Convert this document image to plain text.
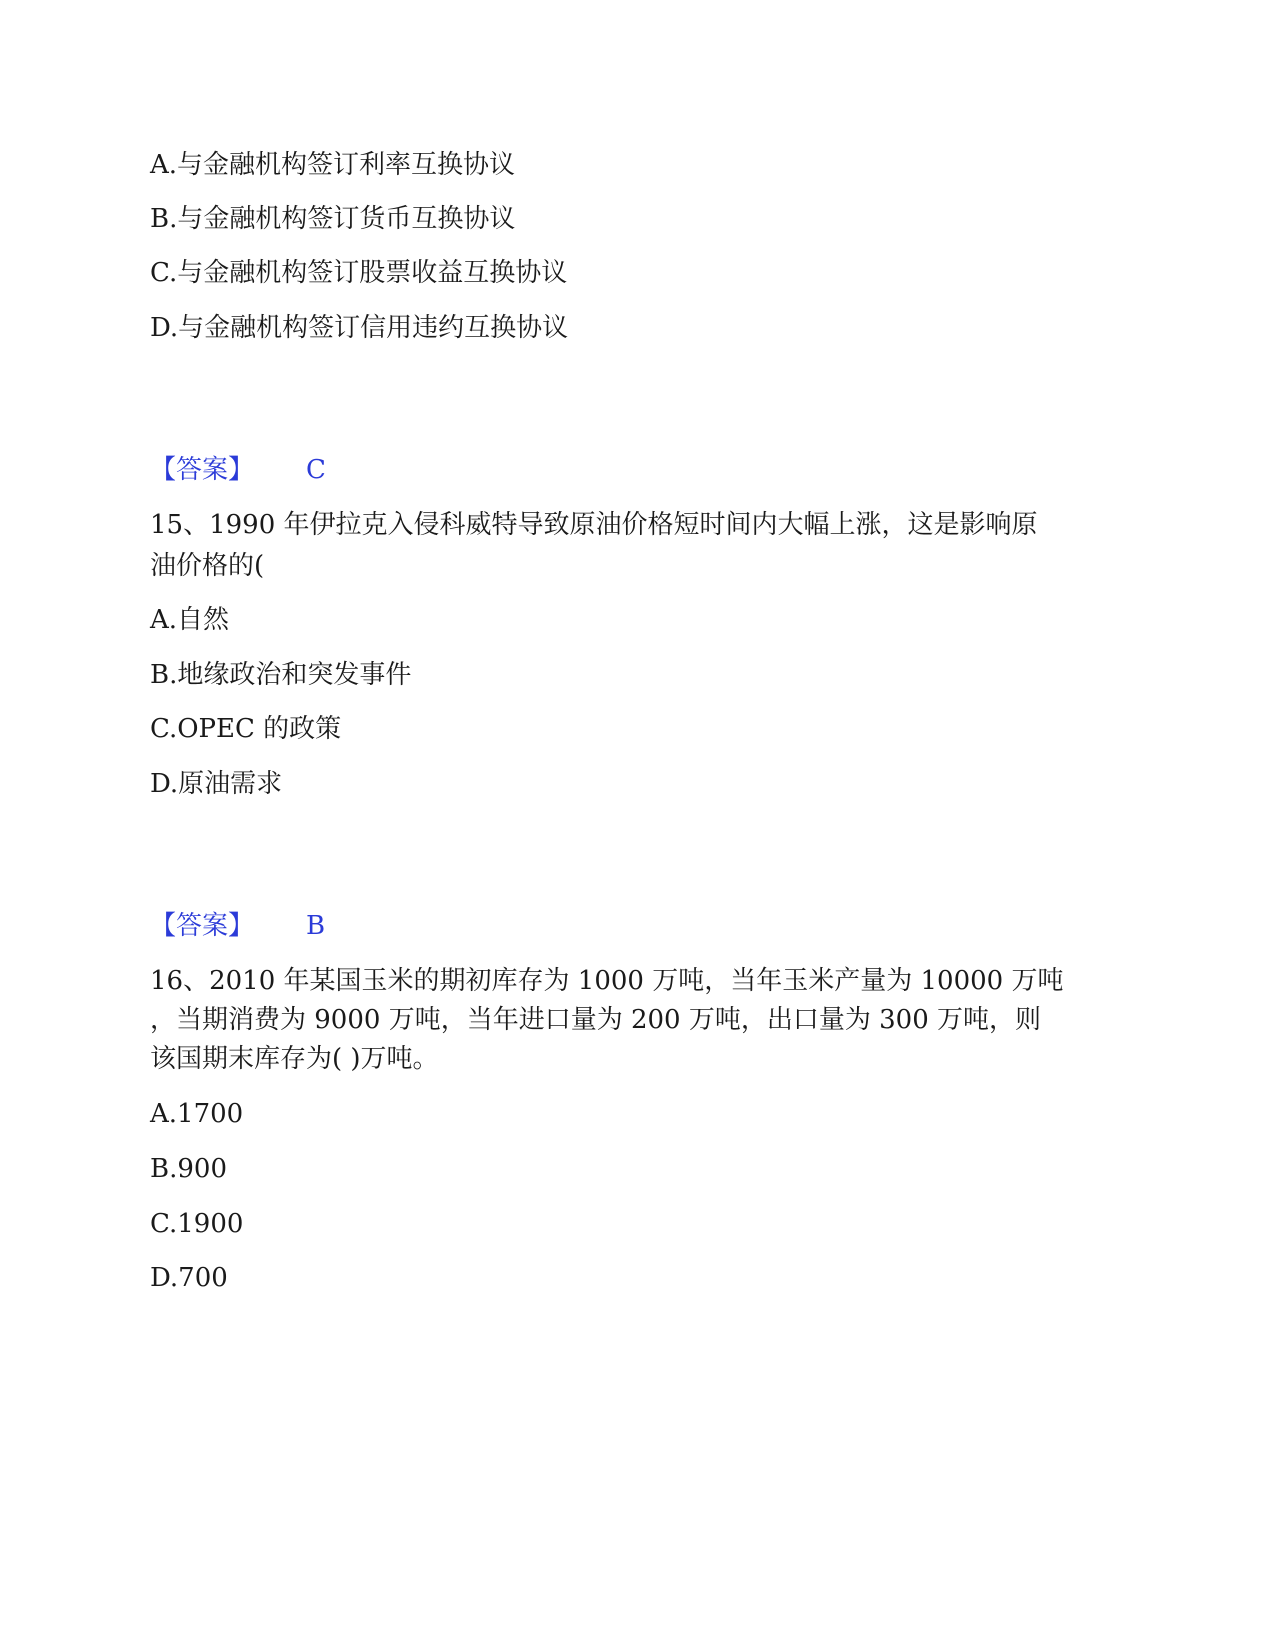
A.与金融机构签订利率互换协议
B.与金融机构签订货币互换协议
C.与金融机构签订股票收益互换协议
D.与金融机构签订信用违约互换协议
【答案】 C
15、1990 年伊拉克入侵科威特导致原油价格短时间内大幅上涨，这是影响原
油价格的(
A.自然
B.地缘政治和突发事件
C.OPEC 的政策
D.原油需求
【答案】 B
16、2010 年某国玉米的期初库存为 1000 万吨，当年玉米产量为 10000 万吨
，当期消费为 9000 万吨，当年进口量为 200 万吨，出口量为 300 万吨，则
该国期末库存为( )万吨。
A.1700
B.900
C.1900
D.700
